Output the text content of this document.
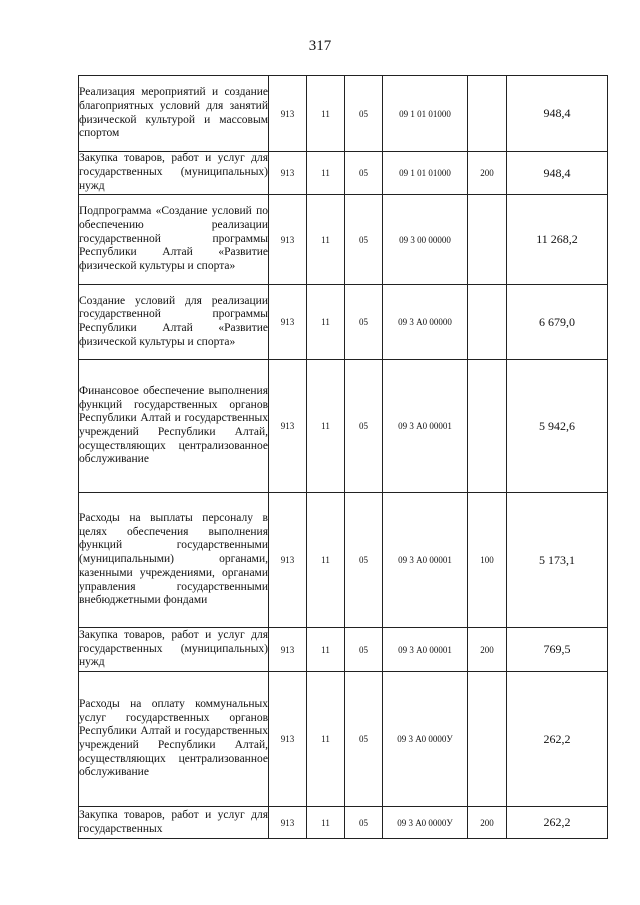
317
Реализация мероприятий и создание благоприятных условий для занятий физической культурой и массовым спортом	913	11	05	09 1 01 01000		948,4
Закупка товаров, работ и услуг для государственных (муниципальных) нужд	913	11	05	09 1 01 01000	200	948,4
Подпрограмма «Создание условий по обеспечению реализации государственной программы Республики Алтай «Развитие физической культуры и спорта»	913	11	05	09 3 00 00000		11 268,2
Создание условий для реализации государственной программы Республики Алтай «Развитие физической культуры и спорта»	913	11	05	09 3 А0 00000		6 679,0
Финансовое обеспечение выполнения функций государственных органов Республики Алтай и государственных учреждений Республики Алтай, осуществляющих централизованное обслуживание	913	11	05	09 3 А0 00001		5 942,6
Расходы на выплаты персоналу в целях обеспечения выполнения функций государственными (муниципальными) органами, казенными учреждениями, органами управления государственными внебюджетными фондами	913	11	05	09 3 А0 00001	100	5 173,1
Закупка товаров, работ и услуг для государственных (муниципальных) нужд	913	11	05	09 3 А0 00001	200	769,5
Расходы на оплату коммунальных услуг государственных органов Республики Алтай и государственных учреждений Республики Алтай, осуществляющих централизованное обслуживание	913	11	05	09 3 А0 0000У		262,2
Закупка товаров, работ и услуг для государственных	913	11	05	09 3 А0 0000У	200	262,2
